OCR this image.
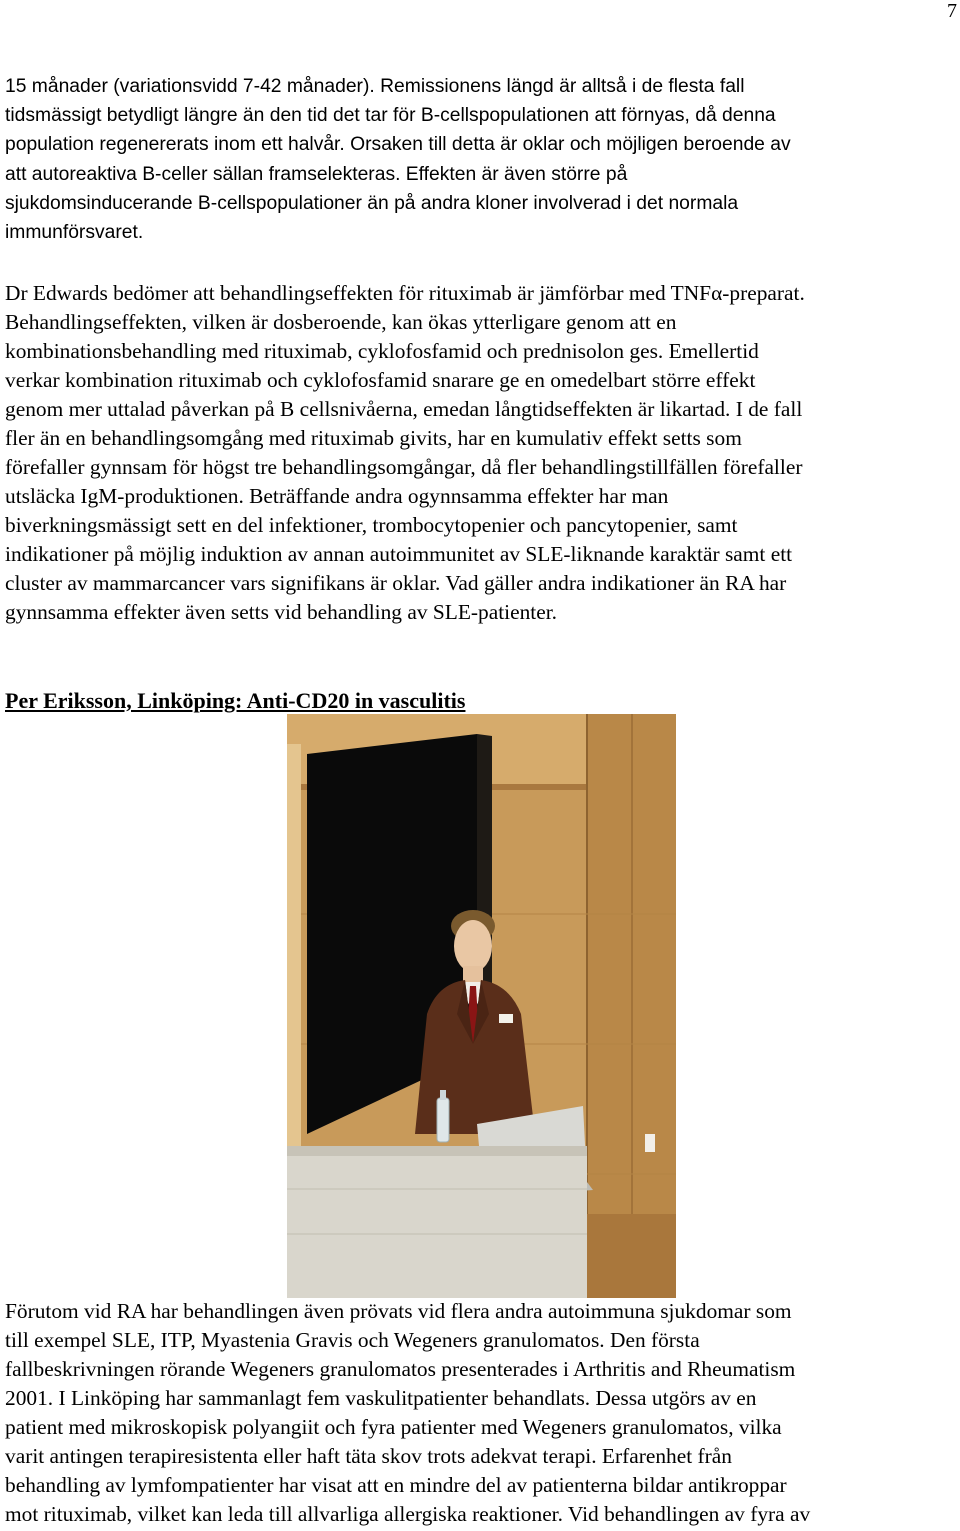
7
15 månader (variationsvidd 7-42 månader). Remissionens längd är alltså i de flesta fall
tidsmässigt betydligt längre än den tid det tar för B-cellspopulationen att förnyas, då denna
population regenererats inom ett halvår. Orsaken till detta är oklar och möjligen beroende av
att autoreaktiva B-celler sällan framselekteras. Effekten är även större på
sjukdomsinducerande B-cellspopulationer än på andra kloner involverad i det normala
immunförsvaret.
Dr Edwards bedömer att behandlingseffekten för rituximab är jämförbar med TNFα-preparat.
Behandlingseffekten, vilken är dosberoende, kan ökas ytterligare genom att en
kombinationsbehandling med rituximab, cyklofosfamid och prednisolon ges. Emellertid
verkar kombination rituximab och cyklofosfamid snarare ge en omedelbart större effekt
genom mer uttalad påverkan på B cellsnivåerna, emedan långtidseffekten är likartad. I de fall
fler än en behandlingsomgång med rituximab givits, har en kumulativ effekt setts som
förefaller gynnsam för högst tre behandlingsomgångar, då fler behandlingstillfällen förefaller
utsläcka IgM-produktionen. Beträffande andra ogynnsamma effekter har man
biverkningsmässigt sett en del infektioner, trombocytopenier och pancytopenier, samt
indikationer på möjlig induktion av annan autoimmunitet av SLE-liknande karaktär samt ett
cluster av mammarcancer vars signifikans är oklar. Vad gäller andra indikationer än RA har
gynnsamma effekter även setts vid behandling av SLE-patienter.
Per Eriksson, Linköping: Anti-CD20 in vasculitis
Förutom vid RA har behandlingen även prövats vid flera andra autoimmuna sjukdomar som
till exempel SLE, ITP, Myastenia Gravis och Wegeners granulomatos. Den första
fallbeskrivningen rörande Wegeners granulomatos presenterades i Arthritis and Rheumatism
2001. I Linköping har sammanlagt fem vaskulitpatienter behandlats. Dessa utgörs av en
patient med mikroskopisk polyangiit och fyra patienter med Wegeners granulomatos, vilka
varit antingen terapiresistenta eller haft täta skov trots adekvat terapi. Erfarenhet från
behandling av lymfompatienter har visat att en mindre del av patienterna bildar antikroppar
mot rituximab, vilket kan leda till allvarliga allergiska reaktioner. Vid behandlingen av fyra av
